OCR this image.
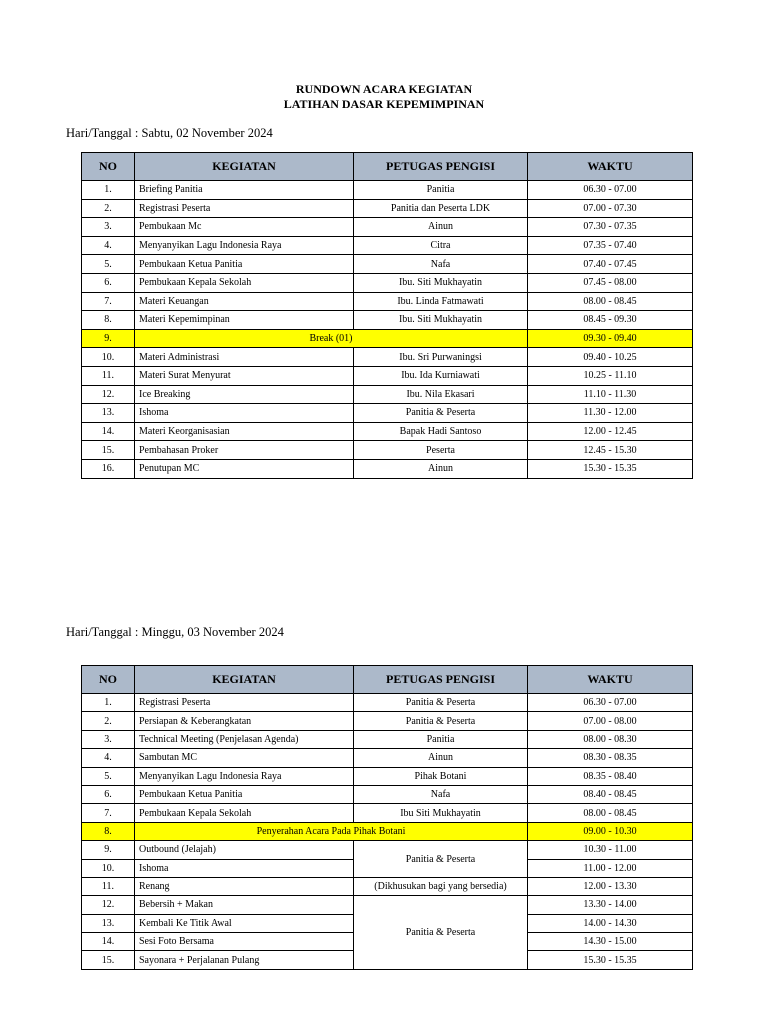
RUNDOWN ACARA KEGIATAN
LATIHAN DASAR KEPEMIMPINAN
Hari/Tanggal : Sabtu, 02 November 2024
NO	KEGIATAN	PETUGAS PENGISI	WAKTU
1.	Briefing Panitia	Panitia	06.30 - 07.00
2.	Registrasi Peserta	Panitia dan Peserta LDK	07.00 - 07.30
3.	Pembukaan Mc	Ainun	07.30 - 07.35
4.	Menyanyikan Lagu Indonesia Raya	Citra	07.35 - 07.40
5.	Pembukaan Ketua Panitia	Nafa	07.40 - 07.45
6.	Pembukaan Kepala Sekolah	Ibu. Siti Mukhayatin	07.45 - 08.00
7.	Materi Keuangan	Ibu. Linda Fatmawati	08.00 - 08.45
8.	Materi Kepemimpinan	Ibu. Siti Mukhayatin	08.45 - 09.30
9.	Break (01)		09.30 - 09.40
10.	Materi Administrasi	Ibu. Sri Purwaningsi	09.40 - 10.25
11.	Materi Surat Menyurat	Ibu. Ida Kurniawati	10.25 - 11.10
12.	Ice Breaking	Ibu. Nila Ekasari	11.10 - 11.30
13.	Ishoma	Panitia & Peserta	11.30 - 12.00
14.	Materi Keorganisasian	Bapak Hadi Santoso	12.00 - 12.45
15.	Pembahasan Proker	Peserta	12.45 - 15.30
16.	Penutupan MC	Ainun	15.30 - 15.35
Hari/Tanggal : Minggu, 03 November 2024
NO	KEGIATAN	PETUGAS PENGISI	WAKTU
1.	Registrasi Peserta	Panitia & Peserta	06.30 - 07.00
2.	Persiapan & Keberangkatan	Panitia & Peserta	07.00 - 08.00
3.	Technical Meeting (Penjelasan Agenda)	Panitia	08.00 - 08.30
4.	Sambutan MC	Ainun	08.30 - 08.35
5.	Menyanyikan Lagu Indonesia Raya	Pihak Botani	08.35 - 08.40
6.	Pembukaan Ketua Panitia	Nafa	08.40 - 08.45
7.	Pembukaan Kepala Sekolah	Ibu Siti Mukhayatin	08.00 - 08.45
8.	Penyerahan Acara Pada Pihak Botani		09.00 - 10.30
9.	Outbound (Jelajah)	Panitia & Peserta	10.30 - 11.00
10.	Ishoma		11.00 - 12.00
11.	Renang	(Dikhusukan bagi yang bersedia)	12.00 - 13.30
12.	Bebersih + Makan	Panitia & Peserta	13.30 - 14.00
13.	Kembali Ke Titik Awal		14.00 - 14.30
14.	Sesi Foto Bersama		14.30 - 15.00
15.	Sayonara + Perjalanan Pulang		15.30 - 15.35
